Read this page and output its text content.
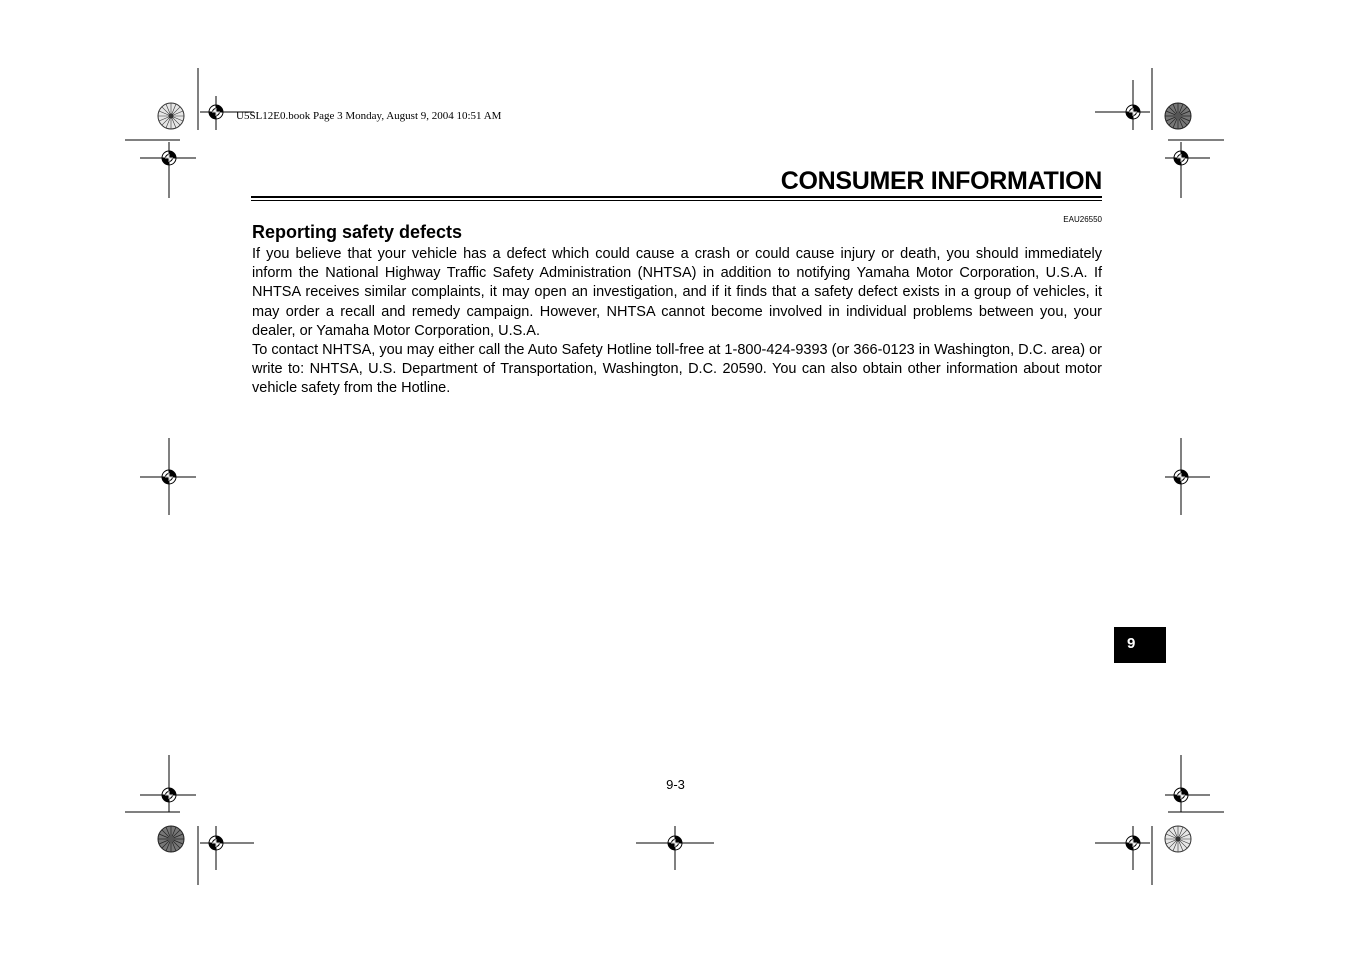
U5SL12E0.book Page 3 Monday, August 9, 2004 10:51 AM
CONSUMER INFORMATION
EAU26550
Reporting safety defects

If you believe that your vehicle has a defect which could cause a crash or could cause injury or death, you should immediately inform the National Highway Traffic Safety Administration (NHTSA) in addition to notifying Yamaha Motor Corporation, U.S.A. If NHTSA receives similar complaints, it may open an investigation, and if it finds that a safety defect exists in a group of vehicles, it may order a recall and remedy campaign. However, NHTSA cannot become involved in individual problems between you, your dealer, or Yamaha Motor Corporation, U.S.A.

To contact NHTSA, you may either call the Auto Safety Hotline toll-free at 1-800-424-9393 (or 366-0123 in Washington, D.C. area) or write to: NHTSA, U.S. Department of Transportation, Washington, D.C. 20590. You can also obtain other information about motor vehicle safety from the Hotline.

9
9-3
